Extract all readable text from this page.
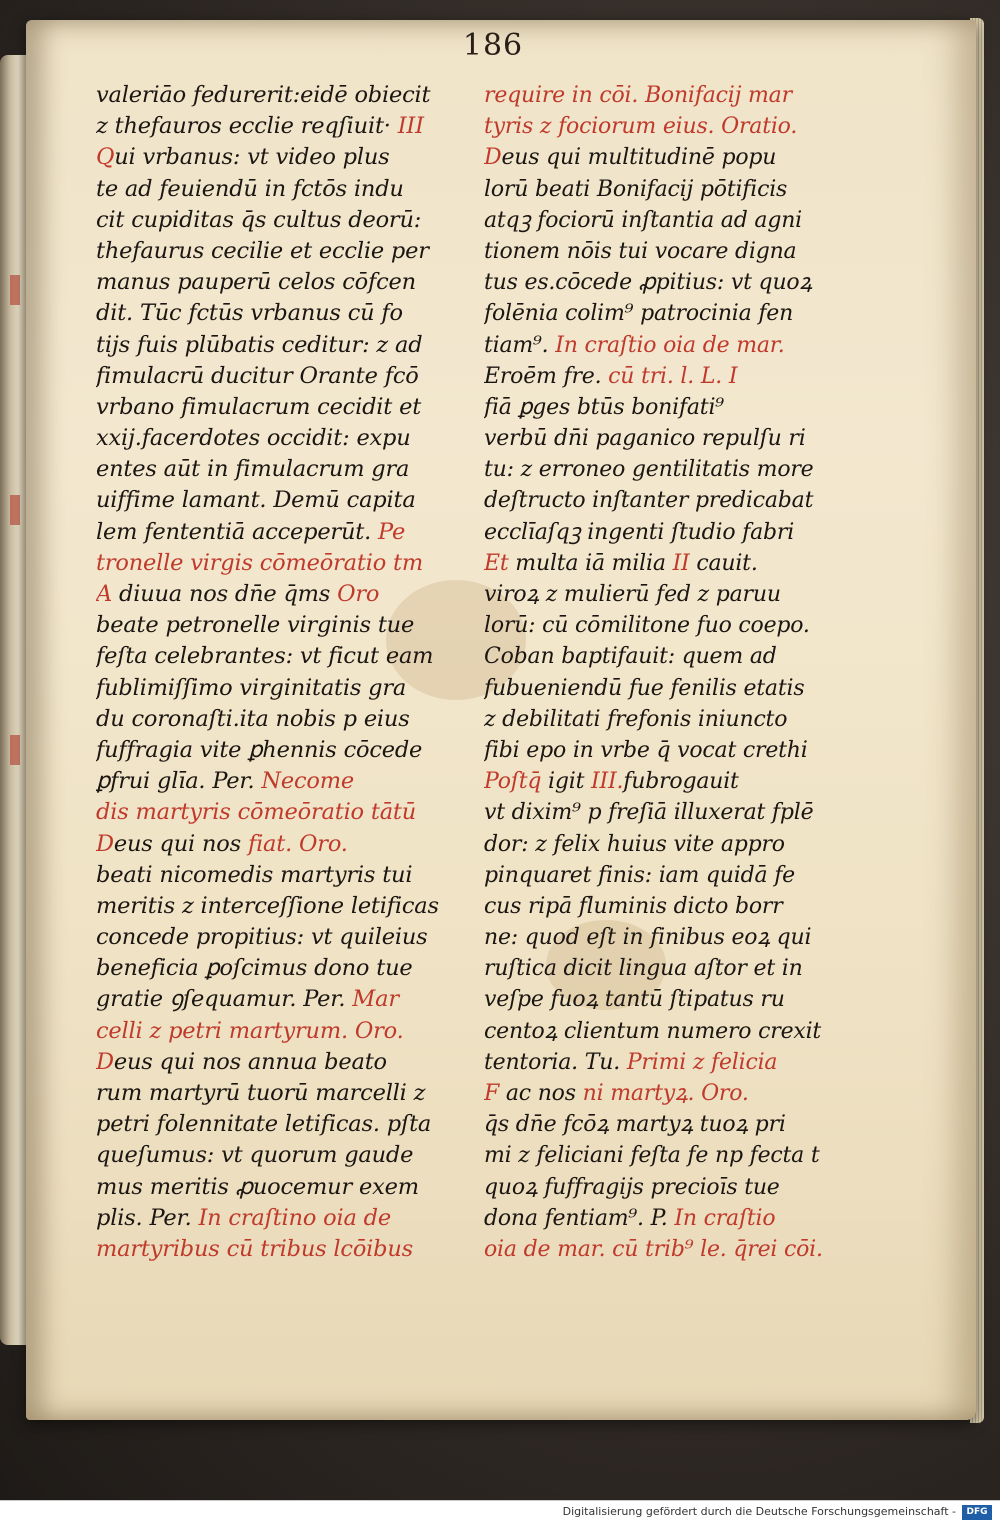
186
valeriāo fedurerit:eidē obiecit
z thefauros ecclie reqſiuit· III
Qui vrbanus: vt video plus
te ad feuiendū in fctōs indu
cit cupiditas q̄s cultus deorū:
thefaurus cecilie et ecclie per
manus pauperū celos cōfcen
dit. Tūc fctūs vrbanus cū fo
tijs fuis plūbatis ceditur: z ad
fimulacrū ducitur Orante fcō
vrbano fimulacrum cecidit et
xxij.facerdotes occidit: expu
entes aūt in fimulacrum gra
uiffime lamant. Demū capita
lem fententiā acceperūt. Pe
tronelle virgis cōmeōratio tm
A diuua nos dn̄e q̄ms Oro
beate petronelle virginis tue
feſta celebrantes: vt ficut eam
fublimiſſimo virginitatis gra
du coronaſti.ita nobis p eius
fuffragia vite ꝑhennis cōcede
ꝑfrui glīa. Per. Necome
dis martyris cōmeōratio tātū
Deus qui nos fiat. Oro.
beati nicomedis martyris tui
meritis z interceſſione letificas
concede propitius: vt quileius
beneficia ꝑoſcimus dono tue
gratie ꝯſequamur. Per. Mar
celli z petri martyrum. Oro.
Deus qui nos annua beato
rum martyrū tuorū marcelli z
petri folennitate letificas. pſta
queſumus: vt quorum gaude
mus meritis ꝓuocemur exem
plis. Per. In craſtino oia de
martyribus cū tribus lcōibus
require in cōi. Bonifacij mar
tyris z fociorum eius. Oratio.
Deus qui multitudinē popu
lorū beati Bonifacij pōtificis
atqꝫ fociorū inſtantia ad agni
tionem nōis tui vocare digna
tus es.cōcede ꝓpitius: vt quoꝝ
folēnia colim⁹ patrocinia fen
tiam⁹. In craſtio oia de mar.
Eroēm fre. cū tri. l. L. I
fiā ꝑges btūs bonifati⁹
verbū dn̄i paganico repulſu ri
tu: z erroneo gentilitatis more
deſtructo inſtanter predicabat
ecclīaſqꝫ ingenti ſtudio fabri
Et multa iā milia II cauit.
viroꝝ z mulierū fed z paruu
lorū: cū cōmilitone fuo coepo.
Coban baptifauit: quem ad
fubueniendū fue fenilis etatis
z debilitati frefonis iniuncto
fibi epo in vrbe q̄ vocat crethi
Poſtq̄ igit III.fubrogauit
vt dixim⁹ p freſiā illuxerat fplē
dor: z felix huius vite appro
pinquaret finis: iam quidā fe
cus ripā fluminis dicto borr
ne: quod eſt in finibus eoꝝ qui
ruſtica dicit lingua aſtor et in
veſpe fuoꝝ tantū ſtipatus ru
centoꝝ clientum numero crexit
tentoria. Tu. Primi z felicia
F ac nos ni martyꝝ. Oro.
q̄s dn̄e fcōꝝ martyꝝ tuoꝝ pri
mi z feliciani feſta fe np fecta t
quoꝝ fuffragijs precioīs tue
dona fentiam⁹. P. In craſtio
oia de mar. cū trib⁹ le. q̄rei cōi.
Digitalisierung gefördert durch die Deutsche Forschungsgemeinschaft -	DFG
